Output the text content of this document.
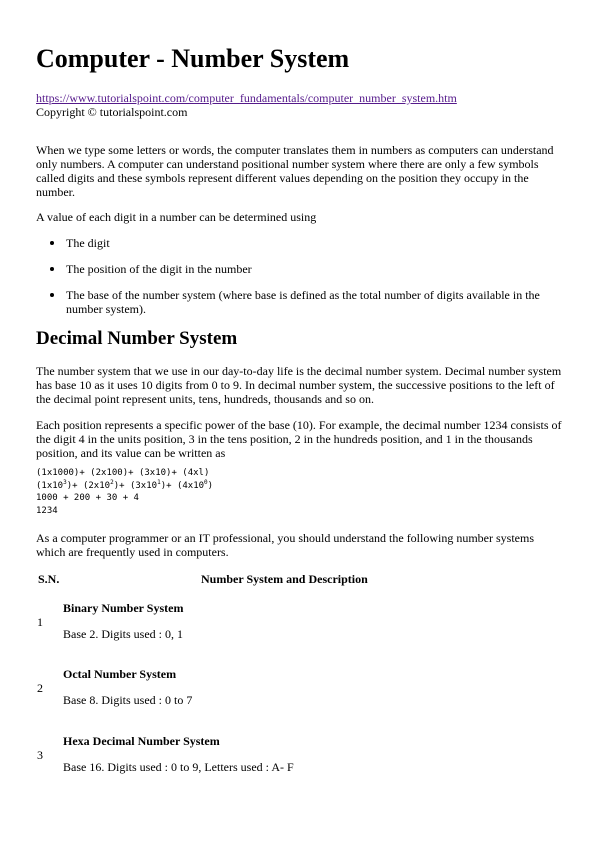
Computer - Number System
https://www.tutorialspoint.com/computer_fundamentals/computer_number_system.htm
Copyright © tutorialspoint.com

When we type some letters or words, the computer translates them in numbers as computers can understand only numbers. A computer can understand positional number system where there are only a few symbols called digits and these symbols represent different values depending on the position they occupy in the number.

A value of each digit in a number can be determined using

The digit
The position of the digit in the number
The base of the number system (where base is defined as the total number of digits available in the number system).
Decimal Number System

The number system that we use in our day-to-day life is the decimal number system. Decimal number system has base 10 as it uses 10 digits from 0 to 9. In decimal number system, the successive positions to the left of the decimal point represent units, tens, hundreds, thousands and so on.

Each position represents a specific power of the base (10). For example, the decimal number 1234 consists of the digit 4 in the units position, 3 in the tens position, 2 in the hundreds position, and 1 in the thousands position, and its value can be written as

(1x1000)+ (2x100)+ (3x10)+ (4xl)
$(1x10^3)+ (2x10^2)+ (3x10^1)+ (4x10^0)$
1000 + 200 + 30 + 4
1234

As a computer programmer or an IT professional, you should understand the following number systems which are frequently used in computers.

S.N.	Number System and Description
1
Binary Number System
Base 2. Digits used : 0, 1
2
Octal Number System
Base 8. Digits used : 0 to 7
3
Hexa Decimal Number System
Base 16. Digits used : 0 to 9, Letters used : A- F
